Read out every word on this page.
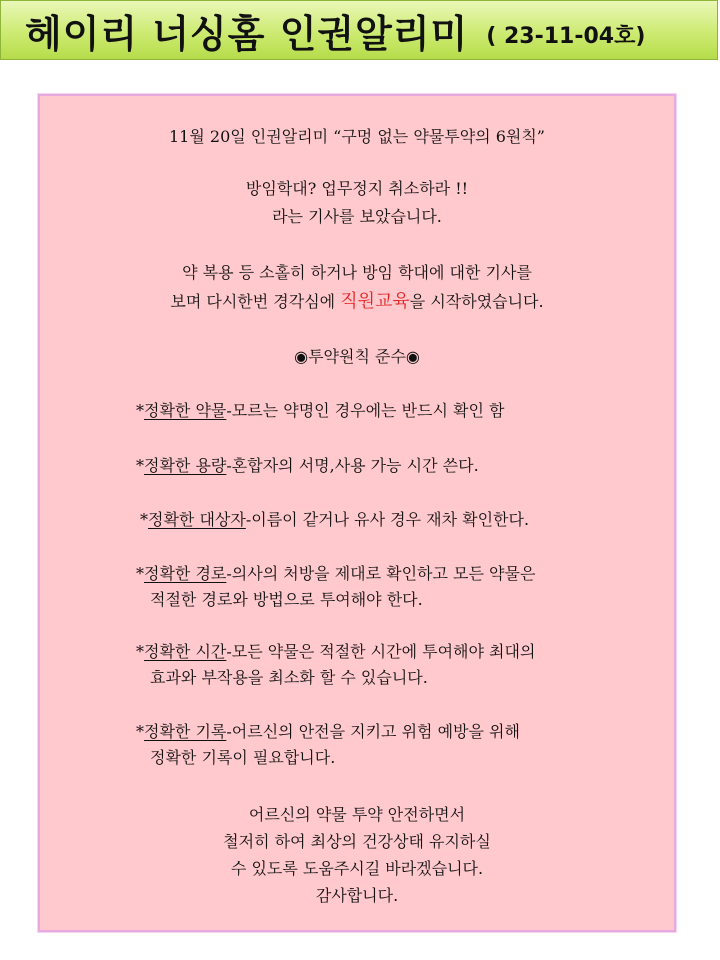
헤이리 너싱홈 인권알리미 ( 23-11-04호)
11월 20일 인권알리미 “구멍 없는 약물투약의 6원칙”
방임학대? 업무정지 취소하라 !!
라는 기사를 보았습니다.
약 복용 등 소홀히 하거나 방임 학대에 대한 기사를
보며 다시한번 경각심에 직원교육을 시작하였습니다.
◉투약원칙 준수◉
*정확한 약물-모르는 약명인 경우에는 반드시 확인 함
*정확한 용량-혼합자의 서명,사용 가능 시간 쓴다.
*정확한 대상자-이름이 같거나 유사 경우 재차 확인한다.
*정확한 경로-의사의 처방을 제대로 확인하고 모든 약물은
적절한 경로와 방법으로 투여해야 한다.
*정확한 시간-모든 약물은 적절한 시간에 투여해야 최대의
효과와 부작용을 최소화 할 수 있습니다.
*정확한 기록-어르신의 안전을 지키고 위험 예방을 위해
정확한 기록이 필요합니다.
어르신의 약물 투약 안전하면서
철저히 하여 최상의 건강상태 유지하실
수 있도록 도움주시길 바라겠습니다.
감사합니다.
